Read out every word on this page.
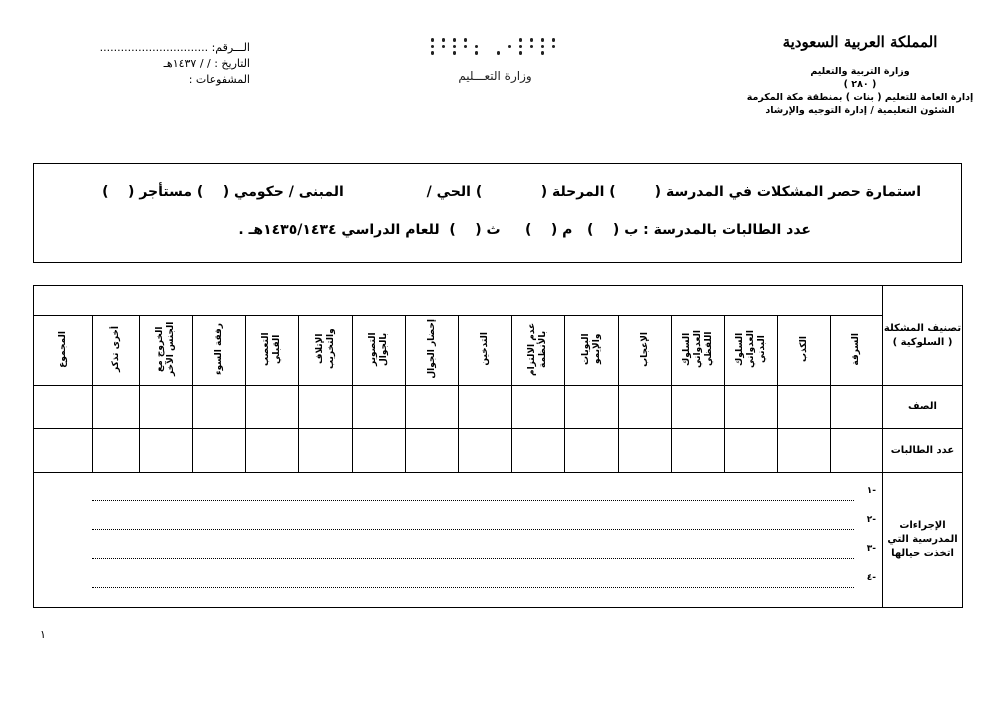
المملكة العربية السعودية
وزارة التربية والتعليم
( ٢٨٠ )
إدارة العامة للتعليم ( بنات ) بمنطقة مكة المكرمة
الشئون التعليمية / إدارة التوجيه والإرشاد
وزارة التعـــليم
الـــرقم: ...............................
التاريخ : / / ١٤٣٧هـ
المشفوعات :
استمارة حصر المشكلات في المدرسة (        ) المرحلة (            ) الحي /                 المبنى / حكومي (    ) مستأجر (    )
عدد الطالبات بالمدرسة : ب (    )   م (    )     ث (    )  للعام الدراسي ١٤٣٥/١٤٣٤هـ .
تصنيف المشكلة ( السلوكية )																
	السرقة	الكذب	السلوك العدواني البدني	السلوك العدواني اللفظي	الإعجاب	البويات والإيمو	عدم الالتزام بالأنظمة	التدخين	إحضار الجوال	التصوير بالجوال	الإتلاف والتخريب	التعصب القبلي	رفقة السوء	الخروج مع الجنس الآخر	أخرى تذكر	المجموع
الصف																
عدد الطالبات																
الإجراءات المدرسية التي اتخذت حيالها	-١
-٢
-٣
-٤															
١
